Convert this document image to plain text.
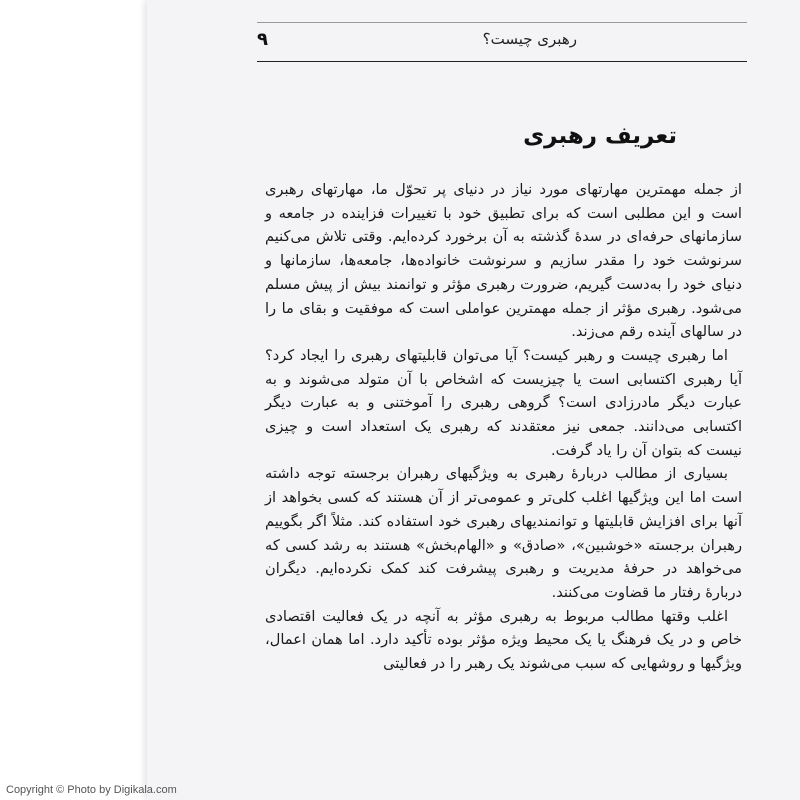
۹	رهبری چیست؟
تعریف رهبری

از جمله مهمترین مهارتهای مورد نیاز در دنیای پر تحوّل ما، مهارتهای رهبری است و این مطلبی است که برای تطبیق خود با تغییرات فزاینده در جامعه و سازمانهای حرفه‌ای در سدهٔ گذشته به آن برخورد کرده‌ایم. وقتی تلاش می‌کنیم سرنوشت خود را مقدر سازیم و سرنوشت خانواده‌ها، جامعه‌ها، سازمانها و دنیای خود را به‌دست گیریم، ضرورت رهبری مؤثر و توانمند بیش از پیش مسلم می‌شود. رهبری مؤثر از جمله مهمترین عواملی است که موفقیت و بقای ما را در سالهای آینده رقم می‌زند.

اما رهبری چیست و رهبر کیست؟ آیا می‌توان قابلیتهای رهبری را ایجاد کرد؟ آیا رهبری اکتسابی است یا چیزیست که اشخاص با آن متولد می‌شوند و به عبارت دیگر مادرزادی است؟ گروهی رهبری را آموختنی و به عبارت دیگر اکتسابی می‌دانند. جمعی نیز معتقدند که رهبری یک استعداد است و چیزی نیست که بتوان آن را یاد گرفت.

بسیاری از مطالب دربارهٔ رهبری به ویژگیهای رهبران برجسته توجه داشته است اما این ویژگیها اغلب کلی‌تر و عمومی‌تر از آن هستند که کسی بخواهد از آنها برای افزایش قابلیتها و توانمندیهای رهبری خود استفاده کند. مثلاً اگر بگوییم رهبران برجسته «خوشبین»، «صادق» و «الهام‌بخش» هستند به رشد کسی که می‌خواهد در حرفهٔ مدیریت و رهبری پیشرفت کند کمک نکرده‌ایم. دیگران دربارهٔ رفتار ما قضاوت می‌کنند.

اغلب وقتها مطالب مربوط به رهبری مؤثر به آنچه در یک فعالیت اقتصادی خاص و در یک فرهنگ یا یک محیط ویژه مؤثر بوده تأکید دارد. اما همان اعمال، ویژگیها و روشهایی که سبب می‌شوند یک رهبر را در فعالیتی

Copyright © Photo by Digikala.com
